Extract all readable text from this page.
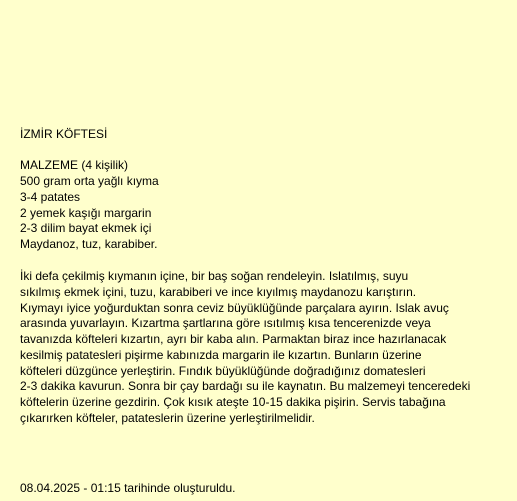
İZMİR KÖFTESİ
MALZEME (4 kişilik)
500 gram orta yağlı kıyma
3-4 patates
2 yemek kaşığı margarin
2-3 dilim bayat ekmek içi
Maydanoz, tuz, karabiber.
İki defa çekilmiş kıymanın içine, bir baş soğan rendeleyin. Islatılmış, suyu
sıkılmış ekmek içini, tuzu, karabiberi ve ince kıyılmış maydanozu karıştırın.
Kıymayı iyice yoğurduktan sonra ceviz büyüklüğünde parçalara ayırın. Islak avuç
arasında yuvarlayın. Kızartma şartlarına göre ısıtılmış kısa tencerenizde veya
tavanızda köfteleri kızartın, ayrı bir kaba alın. Parmaktan biraz ince hazırlanacak
kesilmiş patatesleri pişirme kabınızda margarin ile kızartın. Bunların üzerine
köfteleri düzgünce yerleştirin. Fındık büyüklüğünde doğradığınız domatesleri
2-3 dakika kavurun. Sonra bir çay bardağı su ile kaynatın. Bu malzemeyi tenceredeki
köftelerin üzerine gezdirin. Çok kısık ateşte 10-15 dakika pişirin. Servis tabağına
çıkarırken köfteler, patateslerin üzerine yerleştirilmelidir.
08.04.2025 - 01:15 tarihinde oluşturuldu.
